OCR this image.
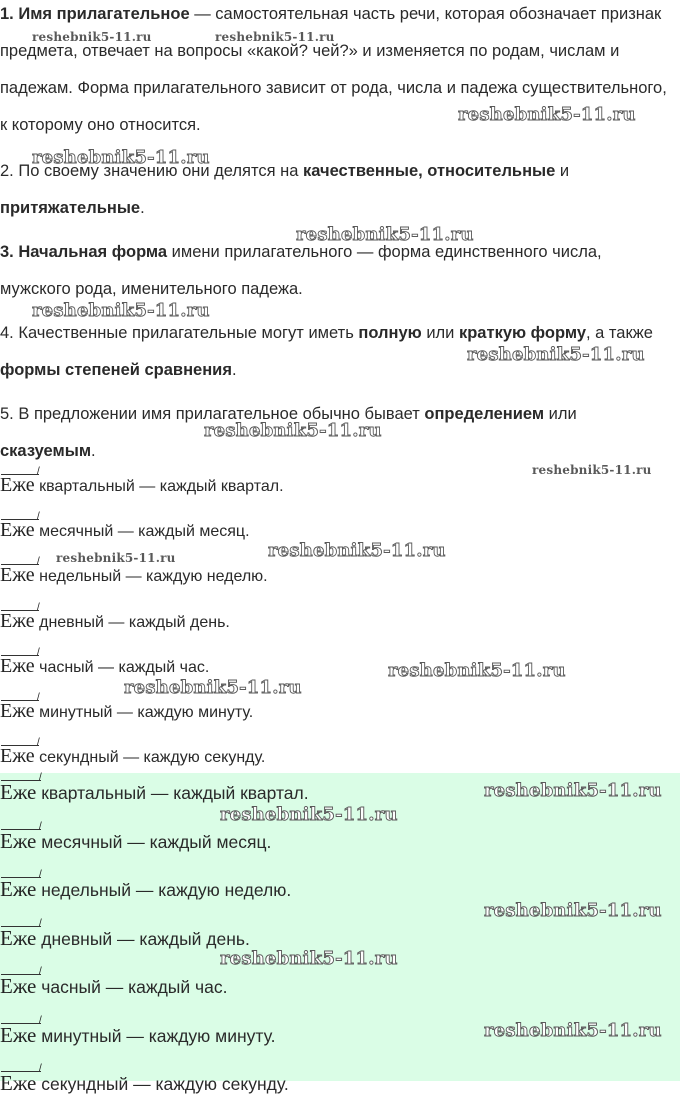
1. Имя прилагательное — самостоятельная часть речи, которая обозначает признак предмета, отвечает на вопросы «какой? чей?» и изменяется по родам, числам и падежам. Форма прилагательного зависит от рода, числа и падежа существительного, к которому оно относится.

2. По своему значению они делятся на качественные, относительные и притяжательные.

3. Начальная форма имени прилагательного — форма единственного числа, мужского рода, именительного падежа.

4. Качественные прилагательные могут иметь полную или краткую форму, а также формы степеней сравнения.

5. В предложении имя прилагательное обычно бывает определением или сказуемым.

/
Еже квартальный — каждый квартал.
/
Еже месячный — каждый месяц.
/
Еже недельный — каждую неделю.
/
Еже дневный — каждый день.
/
Еже часный — каждый час.
/
Еже минутный — каждую минуту.
/
Еже секундный — каждую секунду.
/
Еже квартальный — каждый квартал.
/
Еже месячный — каждый месяц.
/
Еже недельный — каждую неделю.
/
Еже дневный — каждый день.
/
Еже часный — каждый час.
/
Еже минутный — каждую минуту.
/
Еже секундный — каждую секунду.
reshebnik5-11.ru	reshebnik5-11.ru
reshebnik5-11.ru
reshebnik5-11.ru
reshebnik5-11.ru
reshebnik5-11.ru
reshebnik5-11.ru
reshebnik5-11.ru
reshebnik5-11.ru
reshebnik5-11.ru
reshebnik5-11.ru
reshebnik5-11.ru
reshebnik5-11.ru
reshebnik5-11.ru
reshebnik5-11.ru
reshebnik5-11.ru
reshebnik5-11.ru
reshebnik5-11.ru
